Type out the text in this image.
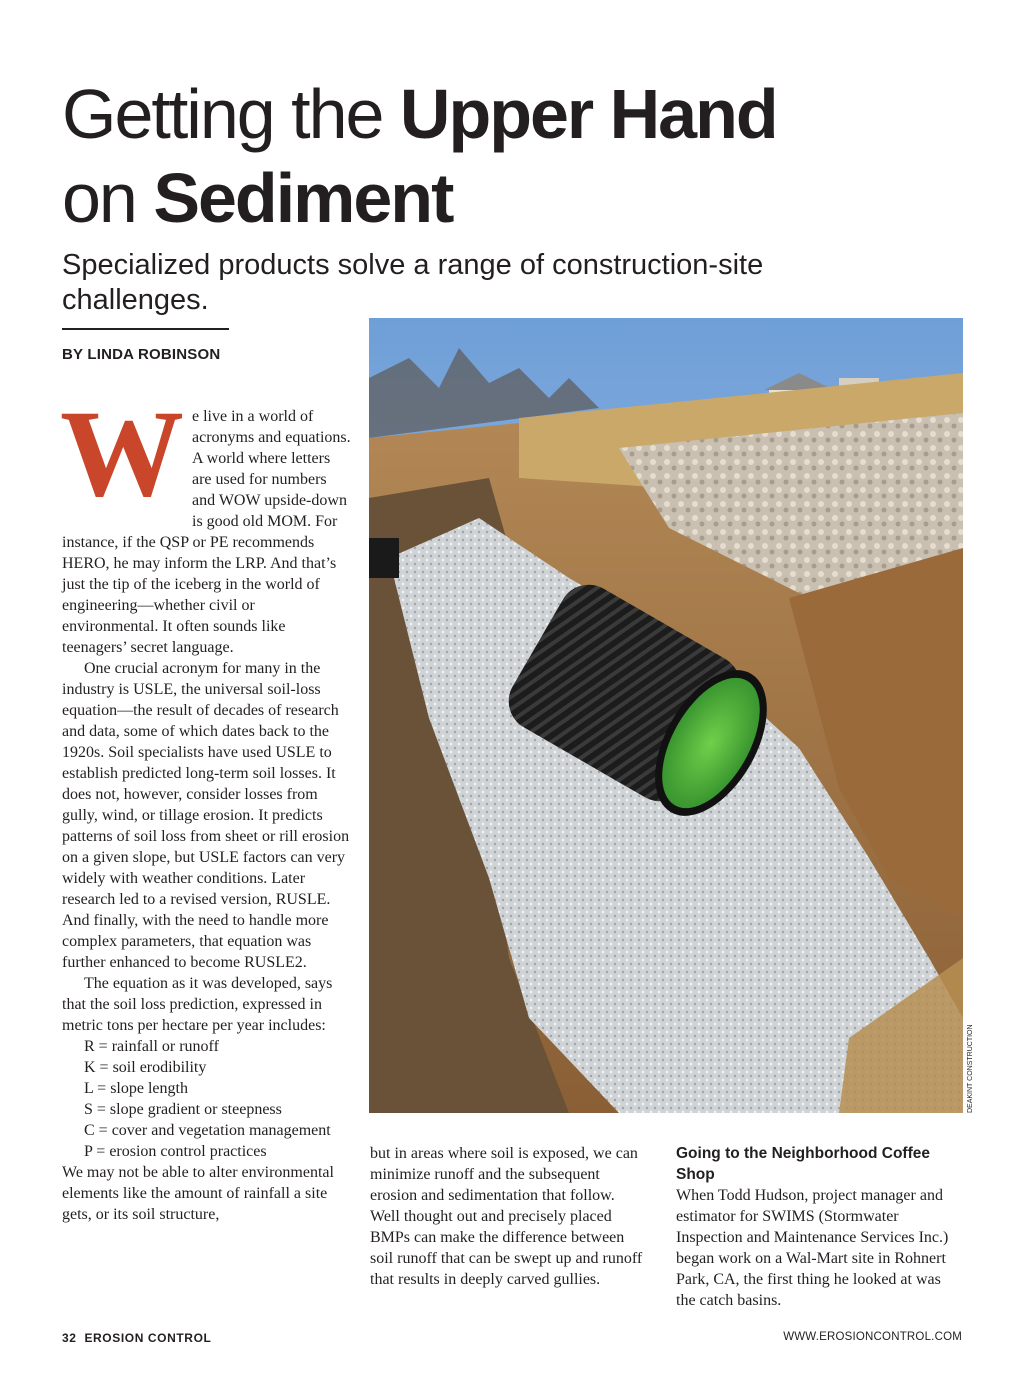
Getting the Upper Hand
on Sediment
Specialized products solve a range of construction-site challenges.
BY LINDA ROBINSON
W e live in a world of acronyms and equations. A world where letters are used for numbers and WOW upside-down is good old MOM. For instance, if the QSP or PE recommends HERO, he may inform the LRP. And that’s just the tip of the iceberg in the world of engineering—whether civil or environmental. It often sounds like teenagers’ secret language.

One crucial acronym for many in the industry is USLE, the universal soil-loss equation—the result of decades of research and data, some of which dates back to the 1920s. Soil specialists have used USLE to establish predicted long-term soil losses. It does not, however, consider losses from gully, wind, or tillage erosion. It predicts patterns of soil loss from sheet or rill erosion on a given slope, but USLE factors can very widely with weather conditions. Later research led to a revised version, RUSLE. And finally, with the need to handle more complex parameters, that equation was further enhanced to become RUSLE2.

The equation as it was developed, says that the soil loss prediction, expressed in metric tons per hectare per year includes:

R = rainfall or runoff
K = soil erodibility
L = slope length
S = slope gradient or steepness
C = cover and vegetation management
P = erosion control practices

We may not be able to alter environmental elements like the amount of rainfall a site gets, or its soil structure,

but in areas where soil is exposed, we can minimize runoff and the subsequent erosion and sedimentation that follow. Well thought out and precisely placed BMPs can make the difference between soil runoff that can be swept up and runoff that results in deeply carved gullies.

Going to the Neighborhood Coffee Shop

When Todd Hudson, project manager and estimator for SWIMS (Stormwater Inspection and Maintenance Services Inc.) began work on a Wal-Mart site in Rohnert Park, CA, the first thing he looked at was the catch basins.

DEAKINT CONSTRUCTION
32 EROSION CONTROL	WWW.EROSIONCONTROL.COM
